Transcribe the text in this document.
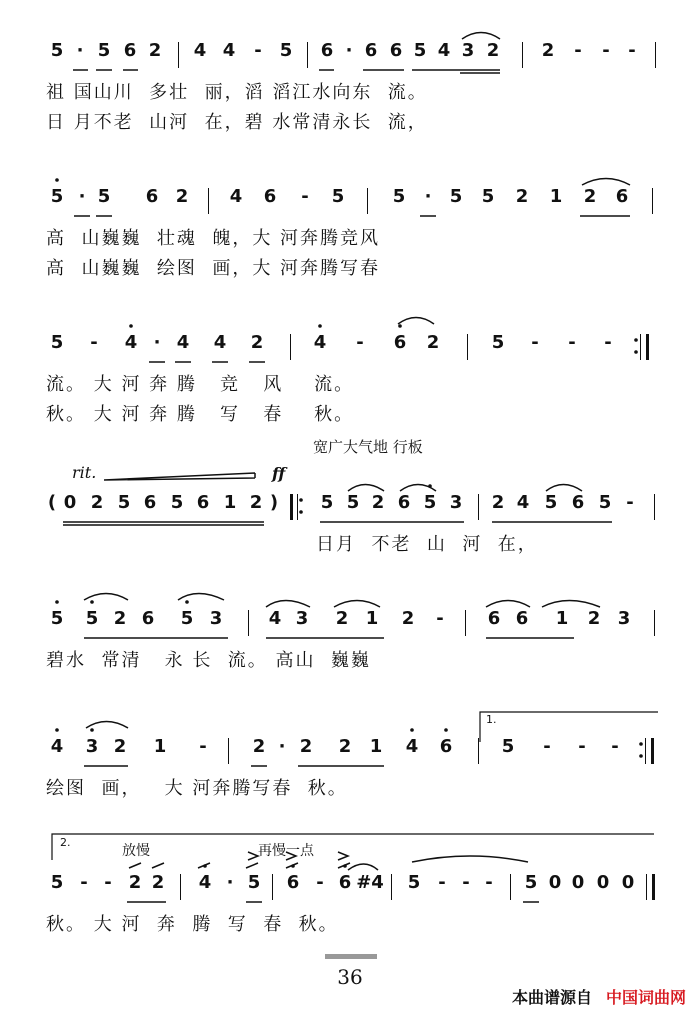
5 · 5 6 2 4 4 - 5 6 · 6 6 5 4 3 2 2 - - -
祖 国山川  多壮  丽，滔 滔江水向东  流。
日 月不老  山河  在，碧 水常清永长  流，
5 · 5 6 2 4 6 - 5	5 · 5 5 2 1 2 6
高  山巍巍  壮魂  魄，大 河奔腾竞风
高  山巍巍  绘图  画，大 河奔腾写春
5 - 4 · 4 4 2	4 - 6 2	5 - - -
流。 大 河 奔 腾   竞   风    流。
秋。 大 河 奔 腾   写   春    秋。
宽广大气地 行板
rit.	ff
( 0 2 5 6 5 6 1 2 ) 5 5 2 6 5 3 2 4 5 6 5 -
日月  不老  山  河  在，
5 5 2 6 5 3	4 3 2 1 2 - 6 6 1 2 3
碧水  常清   永 长  流。 高山  巍巍
1.
4 3 2 1 -	2 · 2 2 1 4 6	5 - - -
绘图  画，   大 河奔腾写春  秋。
2.
放慢	再慢一点
5 - - 2 2 4 · 5 6 - 6 #4 5 - - - 5 0 0 0 0
秋。 大 河  奔  腾  写  春  秋。
36
本曲谱源自 中国词曲网
